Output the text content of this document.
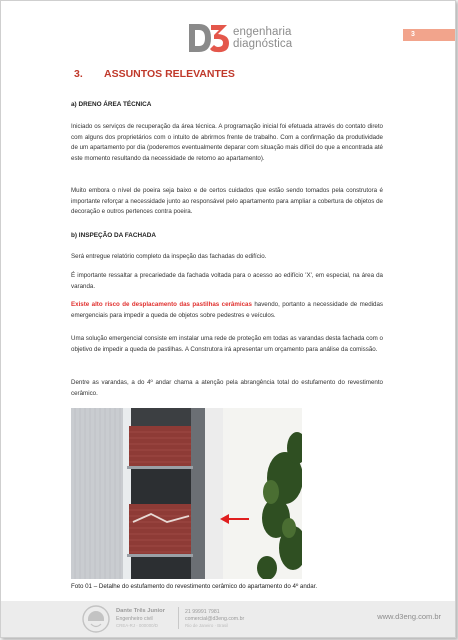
engenharia
diagnóstica
3
3. ASSUNTOS RELEVANTES
a) DRENO ÁREA TÉCNICA
Iniciado os serviços de recuperação da área técnica. A programação inicial foi efetuada através do contato direto com alguns dos proprietários com o intuito de abrirmos frente de trabalho. Com a confirmação da produtividade de um apartamento por dia (poderemos eventualmente deparar com situação mais difícil do que a encontrada até este momento resultando da necessidade de retorno ao apartamento).
Muito embora o nível de poeira seja baixo e de certos cuidados que estão sendo tomados pela construtora é importante reforçar a necessidade junto ao responsável pelo apartamento para ampliar a cobertura de objetos de decoração e outros pertences contra poeira.
b) INSPEÇÃO DA FACHADA
Será entregue relatório completo da inspeção das fachadas do edifício.
É importante ressaltar a precariedade da fachada voltada para o acesso ao edifício 'X', em especial, na área da varanda.
Existe alto risco de desplacamento das pastilhas cerâmicas havendo, portanto a necessidade de medidas emergenciais para impedir a queda de objetos sobre pedestres e veículos.
Uma solução emergencial consiste em instalar uma rede de proteção em todas as varandas desta fachada com o objetivo de impedir a queda de pastilhas. A Construtora irá apresentar um orçamento para análise da comissão.
Dentre as varandas, a do 4º andar chama a atenção pela abrangência total do estufamento do revestimento cerâmico.
Foto 01 – Detalhe do estufamento do revestimento cerâmico do apartamento do 4º andar.
Dante Três Junior
Engenheiro civil
CREA-RJ · 000000/D
21 99991 7981
comercial@d3eng.com.br
Rio de Janeiro · Brasil
www.d3eng.com.br
